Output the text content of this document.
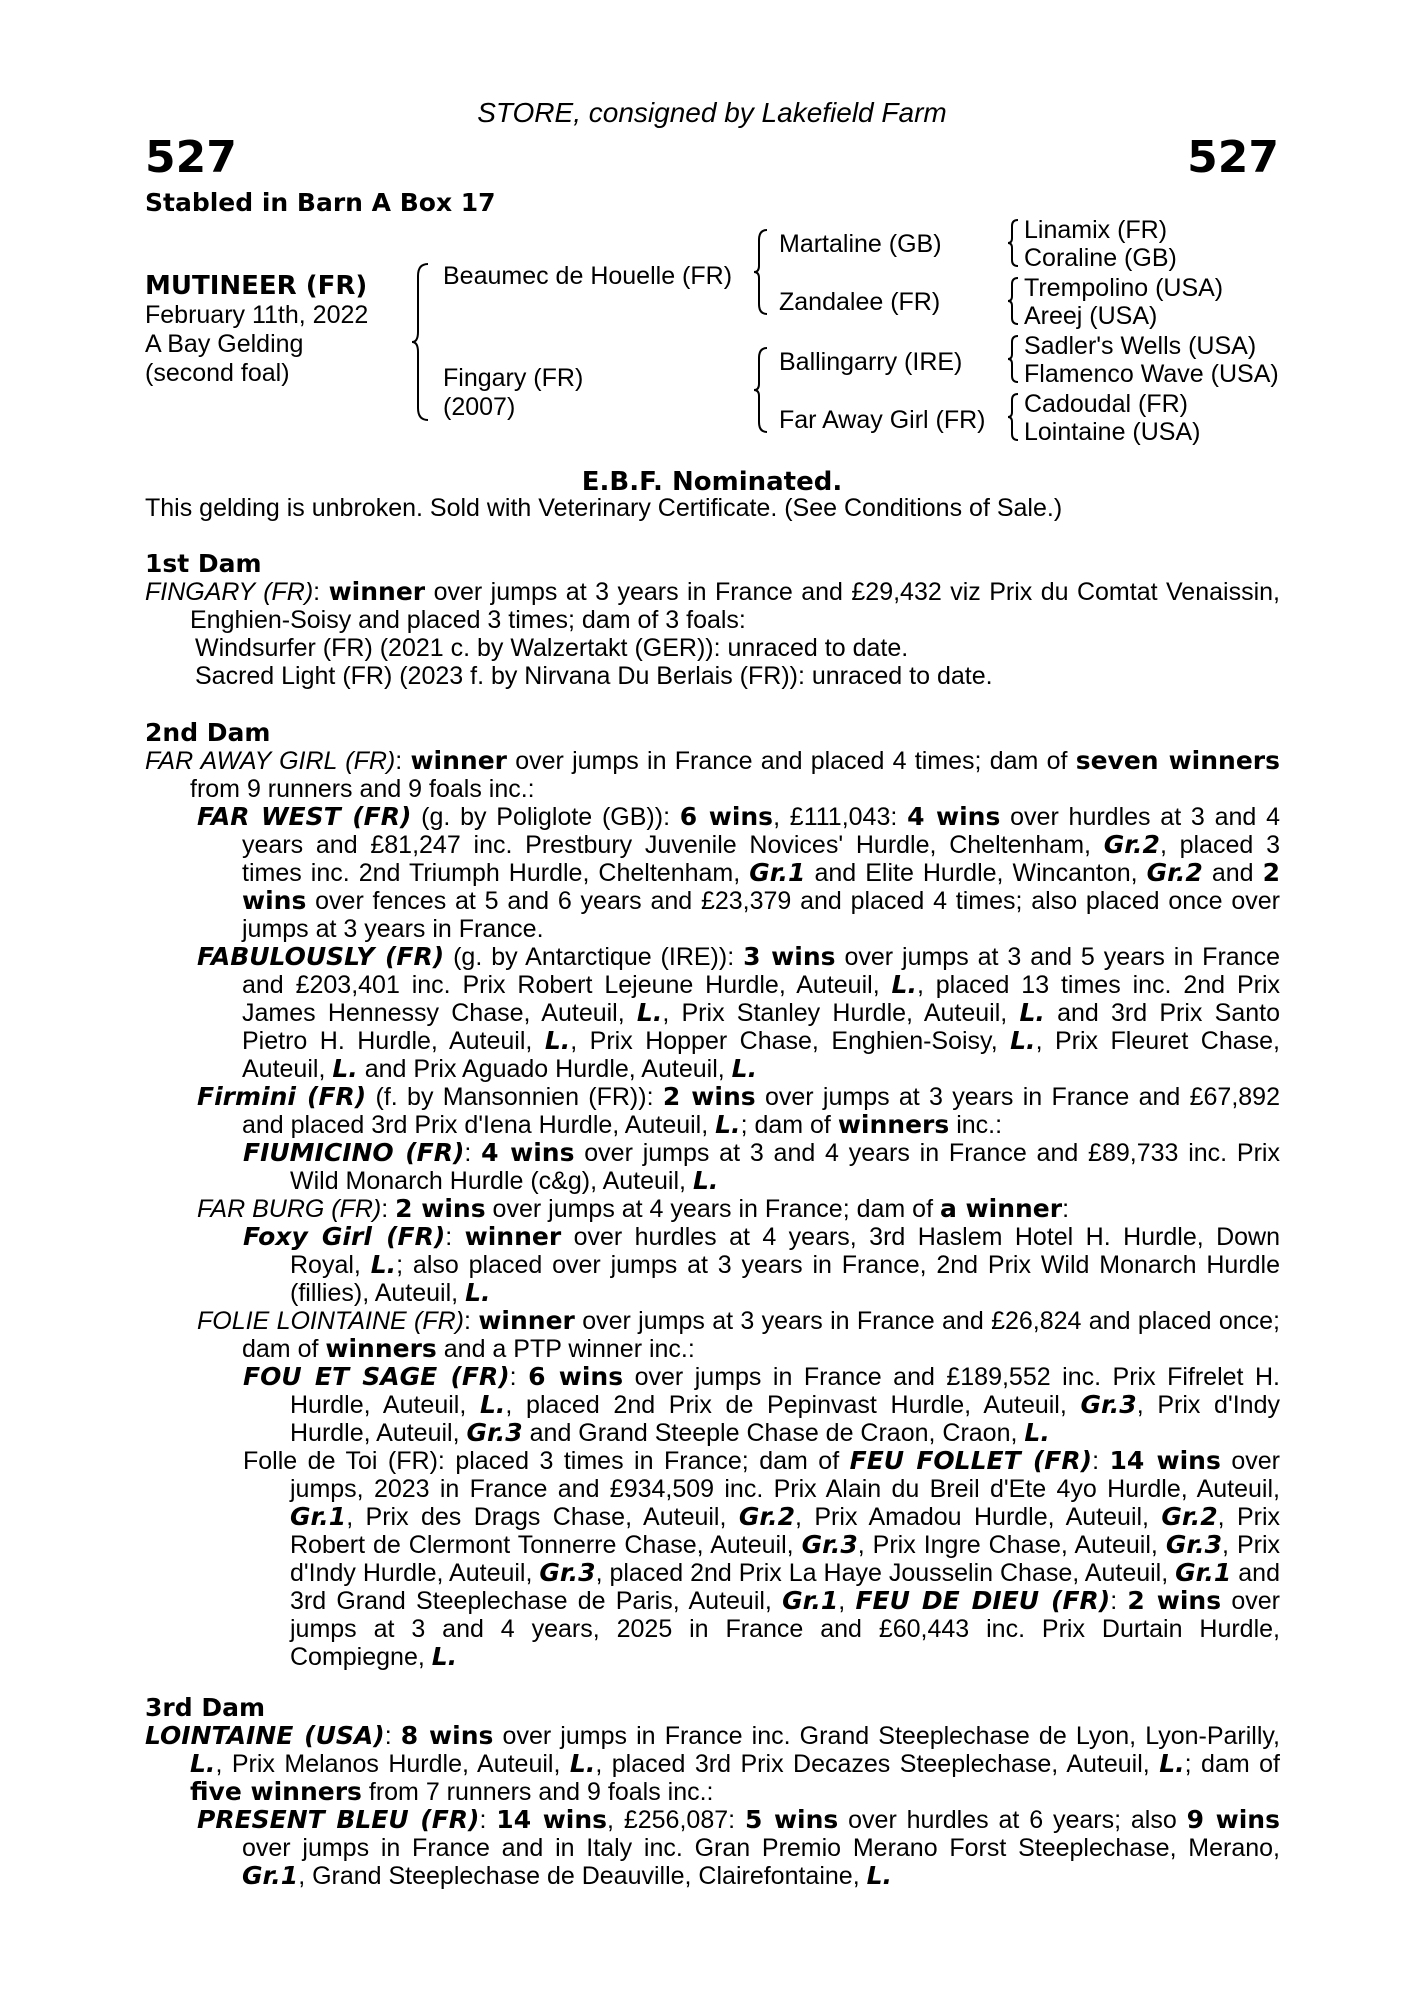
STORE, consigned by Lakefield Farm
527	527
Stabled in Barn A Box 17
MUTINEER (FR)
February 11th, 2022
A Bay Gelding
(second foal)
Beaumec de Houelle (FR)
Fingary (FR)
(2007)
Martaline (GB)
Zandalee (FR)
Ballingarry (IRE)
Far Away Girl (FR)
Linamix (FR)
Coraline (GB)
Trempolino (USA)
Areej (USA)
Sadler's Wells (USA)
Flamenco Wave (USA)
Cadoudal (FR)
Lointaine (USA)
E.B.F. Nominated.
This gelding is unbroken. Sold with Veterinary Certificate. (See Conditions of Sale.)
1st Dam

FINGARY (FR): winner over jumps at 3 years in France and £29,432 viz Prix du Comtat Venaissin, Enghien-Soisy and placed 3 times; dam of 3 foals:

Windsurfer (FR) (2021 c. by Walzertakt (GER)): unraced to date.

Sacred Light (FR) (2023 f. by Nirvana Du Berlais (FR)): unraced to date.

2nd Dam

FAR AWAY GIRL (FR): winner over jumps in France and placed 4 times; dam of seven winners from 9 runners and 9 foals inc.:

FAR WEST (FR) (g. by Poliglote (GB)): 6 wins, £111,043: 4 wins over hurdles at 3 and 4 years and £81,247 inc. Prestbury Juvenile Novices' Hurdle, Cheltenham, Gr.2, placed 3 times inc. 2nd Triumph Hurdle, Cheltenham, Gr.1 and Elite Hurdle, Wincanton, Gr.2 and 2 wins over fences at 5 and 6 years and £23,379 and placed 4 times; also placed once over jumps at 3 years in France.

FABULOUSLY (FR) (g. by Antarctique (IRE)): 3 wins over jumps at 3 and 5 years in France and £203,401 inc. Prix Robert Lejeune Hurdle, Auteuil, L., placed 13 times inc. 2nd Prix James Hennessy Chase, Auteuil, L., Prix Stanley Hurdle, Auteuil, L. and 3rd Prix Santo Pietro H. Hurdle, Auteuil, L., Prix Hopper Chase, Enghien-Soisy, L., Prix Fleuret Chase, Auteuil, L. and Prix Aguado Hurdle, Auteuil, L.

Firmini (FR) (f. by Mansonnien (FR)): 2 wins over jumps at 3 years in France and £67,892 and placed 3rd Prix d'Iena Hurdle, Auteuil, L.; dam of winners inc.:

FIUMICINO (FR): 4 wins over jumps at 3 and 4 years in France and £89,733 inc. Prix Wild Monarch Hurdle (c&g), Auteuil, L.

FAR BURG (FR): 2 wins over jumps at 4 years in France; dam of a winner:

Foxy Girl (FR): winner over hurdles at 4 years, 3rd Haslem Hotel H. Hurdle, Down Royal, L.; also placed over jumps at 3 years in France, 2nd Prix Wild Monarch Hurdle (fillies), Auteuil, L.

FOLIE LOINTAINE (FR): winner over jumps at 3 years in France and £26,824 and placed once; dam of winners and a PTP winner inc.:

FOU ET SAGE (FR): 6 wins over jumps in France and £189,552 inc. Prix Fifrelet H. Hurdle, Auteuil, L., placed 2nd Prix de Pepinvast Hurdle, Auteuil, Gr.3, Prix d'Indy Hurdle, Auteuil, Gr.3 and Grand Steeple Chase de Craon, Craon, L.

Folle de Toi (FR): placed 3 times in France; dam of FEU FOLLET (FR): 14 wins over jumps, 2023 in France and £934,509 inc. Prix Alain du Breil d'Ete 4yo Hurdle, Auteuil, Gr.1, Prix des Drags Chase, Auteuil, Gr.2, Prix Amadou Hurdle, Auteuil, Gr.2, Prix Robert de Clermont Tonnerre Chase, Auteuil, Gr.3, Prix Ingre Chase, Auteuil, Gr.3, Prix d'Indy Hurdle, Auteuil, Gr.3, placed 2nd Prix La Haye Jousselin Chase, Auteuil, Gr.1 and 3rd Grand Steeplechase de Paris, Auteuil, Gr.1, FEU DE DIEU (FR): 2 wins over jumps at 3 and 4 years, 2025 in France and £60,443 inc. Prix Durtain Hurdle, Compiegne, L.

3rd Dam

LOINTAINE (USA): 8 wins over jumps in France inc. Grand Steeplechase de Lyon, Lyon-Parilly, L., Prix Melanos Hurdle, Auteuil, L., placed 3rd Prix Decazes Steeplechase, Auteuil, L.; dam of five winners from 7 runners and 9 foals inc.:

PRESENT BLEU (FR): 14 wins, £256,087: 5 wins over hurdles at 6 years; also 9 wins over jumps in France and in Italy inc. Gran Premio Merano Forst Steeplechase, Merano, Gr.1, Grand Steeplechase de Deauville, Clairefontaine, L.
